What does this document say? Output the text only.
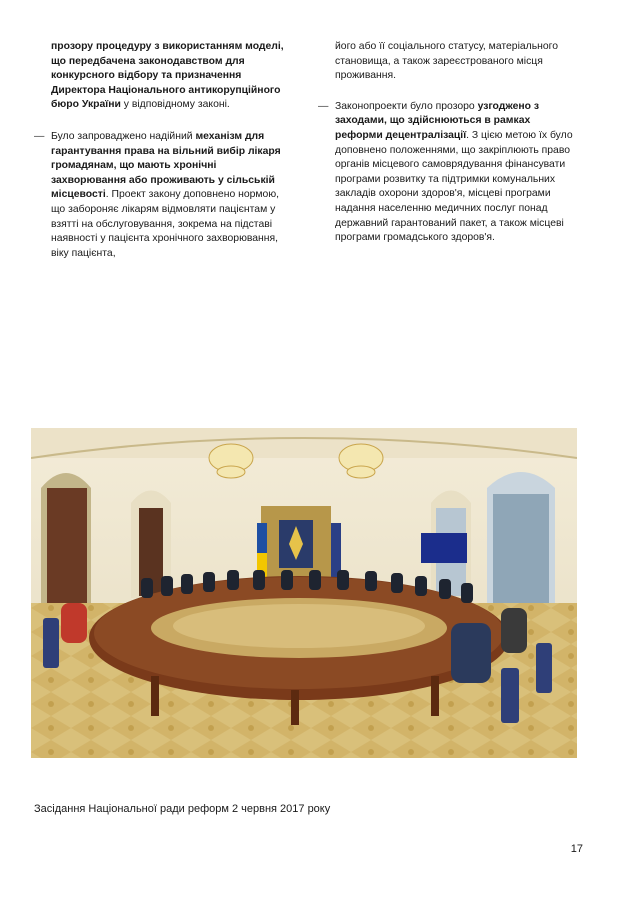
прозору процедуру з використанням моделі, що передбачена законодавством для конкурсного відбору та призначення Директора Національного антикорупційного бюро України у відповідному законі.

— Було запроваджено надійний механізм для гарантування права на вільний вибір лікаря громадянам, що мають хронічні захворювання або проживають у сільській місцевості. Проект закону доповнено нормою, що забороняє лікарям відмовляти пацієнтам у взятті на обслуговування, зокрема на підставі наявності у пацієнта хронічного захворювання, віку пацієнта,

його або її соціального статусу, матеріального становища, а також зареєстрованого місця проживання.

— Законопроекти було прозоро узгоджено з заходами, що здійснюються в рамках реформи децентралізації. З цією метою їх було доповнено положеннями, що закріплюють право органів місцевого самоврядування фінансувати програми розвитку та підтримки комунальних закладів охорони здоров'я, місцеві програми надання населенню медичних послуг понад державний гарантований пакет, а також місцеві програми громадського здоров'я.

Засідання Національної ради реформ 2 червня 2017 року
17
